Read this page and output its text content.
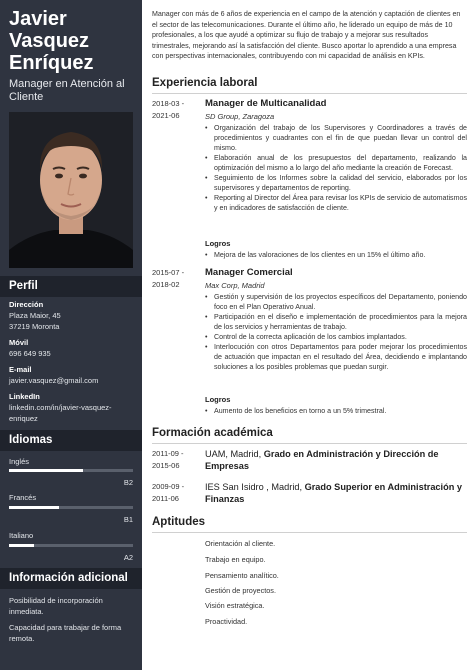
Javier
Vasquez
Enríquez
Manager en Atención al Cliente
Perfil
Dirección
Plaza Maior, 45
37219 Moronta
Móvil
696 649 935
E-mail
javier.vasquez@gmail.com
LinkedIn
linkedin.com/in/javier-vasquez-
enriquez
Idiomas
Inglés
B2
Francés
B1
Italiano
A2
Información adicional
Posibilidad de incorporación
inmediata.
Capacidad para trabajar de forma
remota.
Manager con más de 6 años de experiencia en el campo de la atención y captación de clientes en el sector de las telecomunicaciones. Durante el último año, he liderado un equipo de más de 10 profesionales, a los que ayudé a optimizar su flujo de trabajo y a mejorar sus resultados trimestrales, mejorando así la satisfacción del cliente. Busco aportar lo aprendido a una empresa con perspectivas internacionales, contribuyendo con mi capacidad de análisis en KPIs.
Experiencia laboral
2018-03 -
2021-06
Manager de Multicanalidad
SD Group, Zaragoza
• Organización del trabajo de los Supervisores y Coordinadores a través de procedimientos y cuadrantes con el fin de que puedan llevar un control del mismo.
• Elaboración anual de los presupuestos del departamento, realizando la optimización del mismo a lo largo del año mediante la creación de Forecast.
• Seguimiento de los Informes sobre la calidad del servicio, elaborados por los supervisores y departamentos de reporting.
• Reporting al Director del Área para revisar los KPIs de servicio de automatismos y en indicadores de satisfacción de cliente.
Logros
• Mejora de las valoraciones de los clientes en un 15% el último año.
2015-07 -
2018-02
Manager Comercial
Max Corp, Madrid
• Gestión y supervisión de los proyectos específicos del Departamento, poniendo foco en el Plan Operativo Anual.
• Participación en el diseño e implementación de procedimientos para la mejora de los servicios y herramientas de trabajo.
• Control de la correcta aplicación de los cambios implantados.
• Interlocución con otros Departamentos para poder mejorar los procedimientos de actuación que impactan en el resultado del Área, decidiendo e implantando soluciones a los posibles problemas que puedan surgir.
Logros
• Aumento de los beneficios en torno a un 5% trimestral.
Formación académica
2011-09 -
2015-06
UAM, Madrid, Grado en Administración y Dirección de Empresas
2009-09 -
2011-06
IES San Isidro , Madrid, Grado Superior en Administración y Finanzas
Aptitudes
Orientación al cliente.
Trabajo en equipo.
Pensamiento analítico.
Gestión de proyectos.
Visión estratégica.
Proactividad.
